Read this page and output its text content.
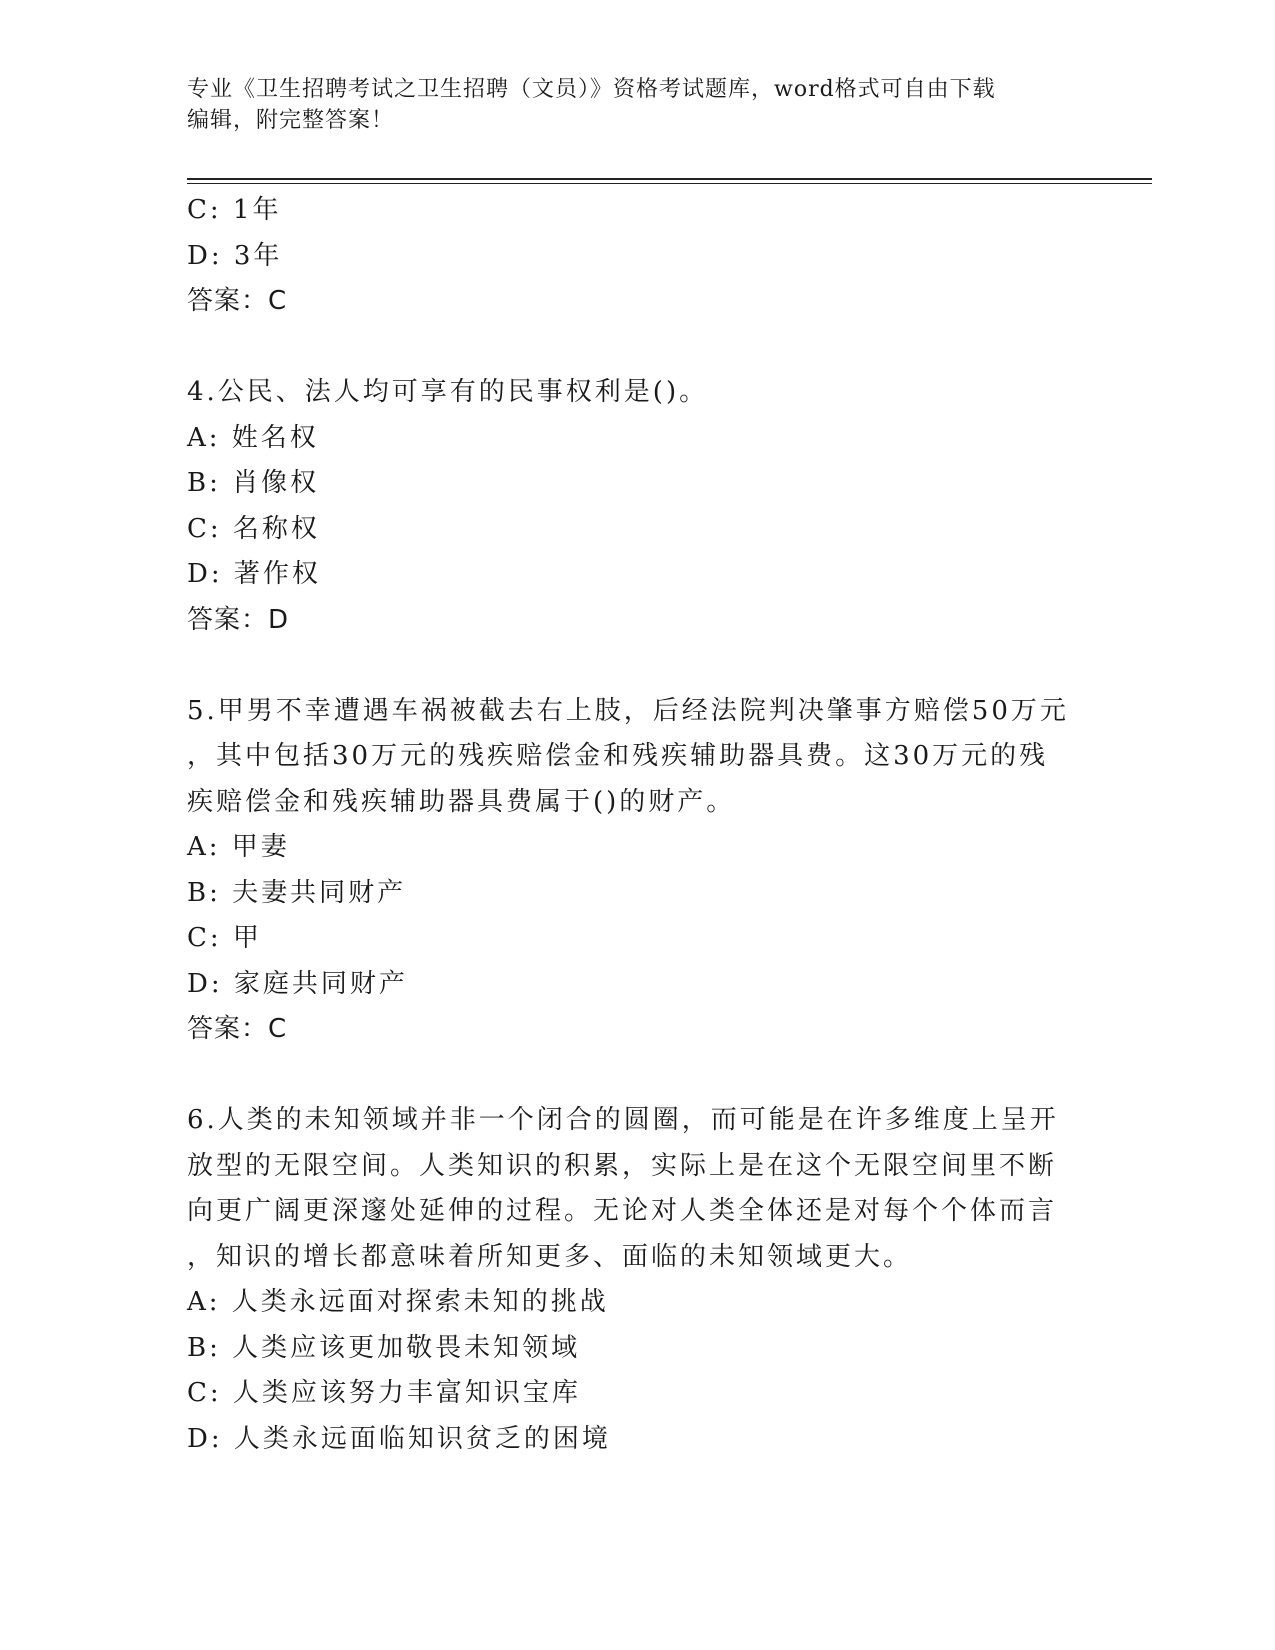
专业《卫生招聘考试之卫生招聘（文员）》资格考试题库，word格式可自由下载
编辑，附完整答案！
C: 1年
D: 3年
答案：C
4.公民、法人均可享有的民事权利是()。
A: 姓名权
B: 肖像权
C: 名称权
D: 著作权
答案：D
5.甲男不幸遭遇车祸被截去右上肢，后经法院判决肇事方赔偿50万元
，其中包括30万元的残疾赔偿金和残疾辅助器具费。这30万元的残
疾赔偿金和残疾辅助器具费属于()的财产。
A: 甲妻
B: 夫妻共同财产
C: 甲
D: 家庭共同财产
答案：C
6.人类的未知领域并非一个闭合的圆圈，而可能是在许多维度上呈开
放型的无限空间。人类知识的积累，实际上是在这个无限空间里不断
向更广阔更深邃处延伸的过程。无论对人类全体还是对每个个体而言
，知识的增长都意味着所知更多、面临的未知领域更大。
A: 人类永远面对探索未知的挑战
B: 人类应该更加敬畏未知领域
C: 人类应该努力丰富知识宝库
D: 人类永远面临知识贫乏的困境
